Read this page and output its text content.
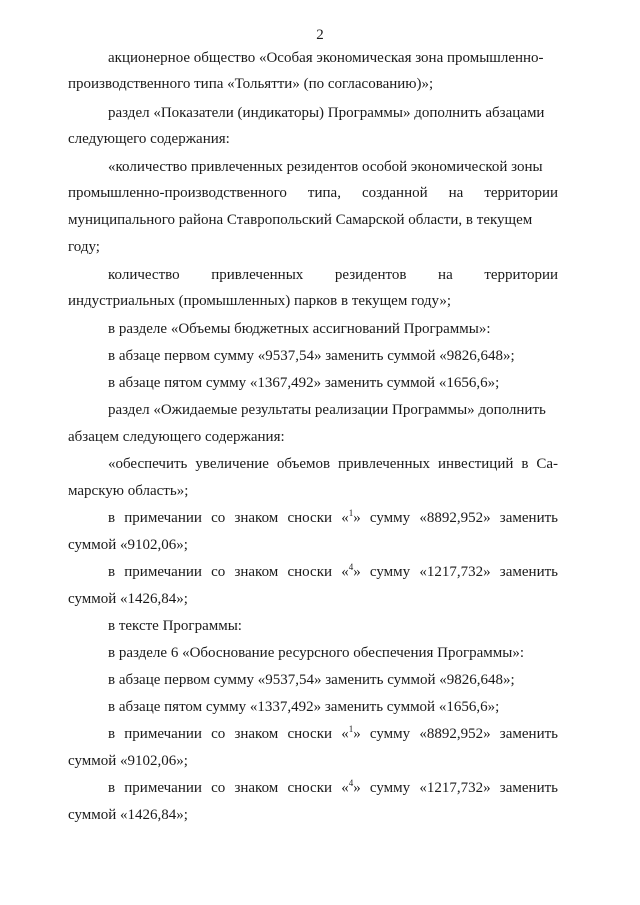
2
акционерное общество «Особая экономическая зона промышленно-
производственного типа «Тольятти» (по согласованию)»;
раздел «Показатели (индикаторы) Программы» дополнить абзацами
следующего содержания:
«количество привлеченных резидентов особой экономической зоны
промышленно-производственного типа, созданной на территории
муниципального района Ставропольский Самарской области, в текущем
году;
количество привлеченных резидентов на территории
индустриальных (промышленных) парков в текущем году»;
в разделе «Объемы бюджетных ассигнований Программы»:
в абзаце первом сумму «9537,54» заменить суммой «9826,648»;
в абзаце пятом сумму «1367,492» заменить суммой «1656,6»;
раздел «Ожидаемые результаты реализации Программы» дополнить
абзацем следующего содержания:
«обеспечить увеличение объемов привлеченных инвестиций в Са-
марскую область»;
в примечании со знаком сноски «$^1$» сумму «8892,952» заменить
суммой «9102,06»;
в примечании со знаком сноски «$^4$» сумму «1217,732» заменить
суммой «1426,84»;
в тексте Программы:
в разделе 6 «Обоснование ресурсного обеспечения Программы»:
в абзаце первом сумму «9537,54» заменить суммой «9826,648»;
в абзаце пятом сумму «1337,492» заменить суммой «1656,6»;
в примечании со знаком сноски «$^1$» сумму «8892,952» заменить
суммой «9102,06»;
в примечании со знаком сноски «$^4$» сумму «1217,732» заменить
суммой «1426,84»;
